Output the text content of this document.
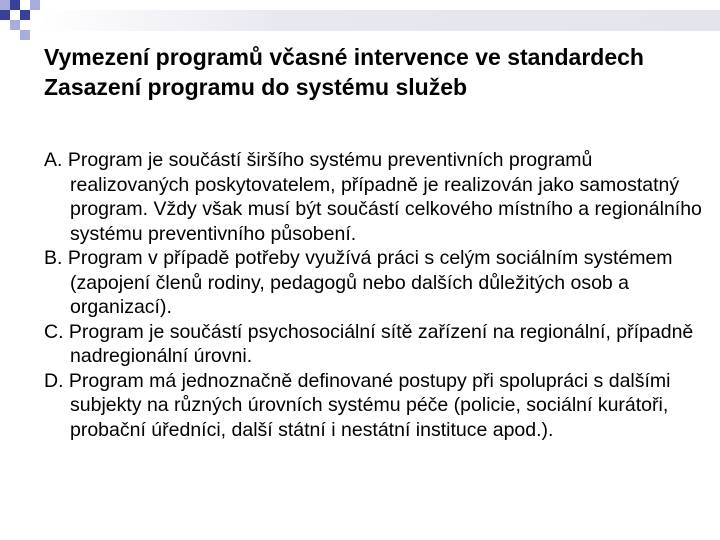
Vymezení programů včasné intervence ve standardech
Zasazení programu do systému služeb
A. Program je součástí širšího systému preventivních programů realizovaných poskytovatelem, případně je realizován jako samostatný program. Vždy však musí být součástí celkového místního a regionálního systému preventivního působení.
B. Program v případě potřeby využívá práci s celým sociálním systémem (zapojení členů rodiny, pedagogů nebo dalších důležitých osob a organizací).
C. Program je součástí psychosociální sítě zařízení na regionální, případně nadregionální úrovni.
D. Program má jednoznačně definované postupy při spolupráci s dalšími subjekty na různých úrovních systému péče (policie, sociální kurátoři, probační úředníci, další státní i nestátní instituce apod.).
